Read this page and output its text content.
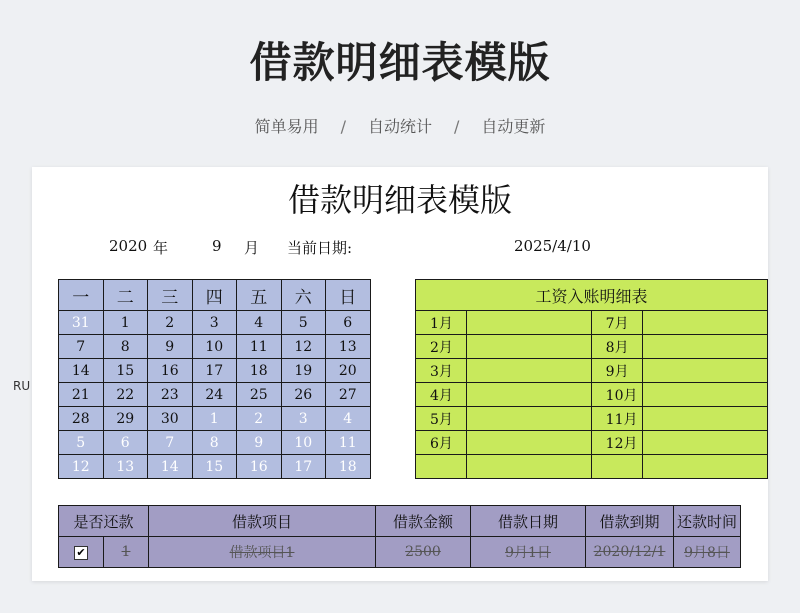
借款明细表模版
简单易用 / 自动统计 / 自动更新
借款明细表模版
2020 年	9 月 当前日期:	2025/4/10
一	二	三	四	五	六	日
31	1	2	3	4	5	6
7	8	9	10	11	12	13
14	15	16	17	18	19	20
21	22	23	24	25	26	27
28	29	30	1	2	3	4
5	6	7	8	9	10	11
12	13	14	15	16	17	18
工资入账明细表			
1月		7月	
2月		8月	
3月		9月	
4月		10月	
5月		11月	
6月		12月	

是否还款		借款项目	借款金额	借款日期	借款到期	还款时间
✔	1	借款项目1	2500	9月1日	2020/12/1	9月8日
RU
